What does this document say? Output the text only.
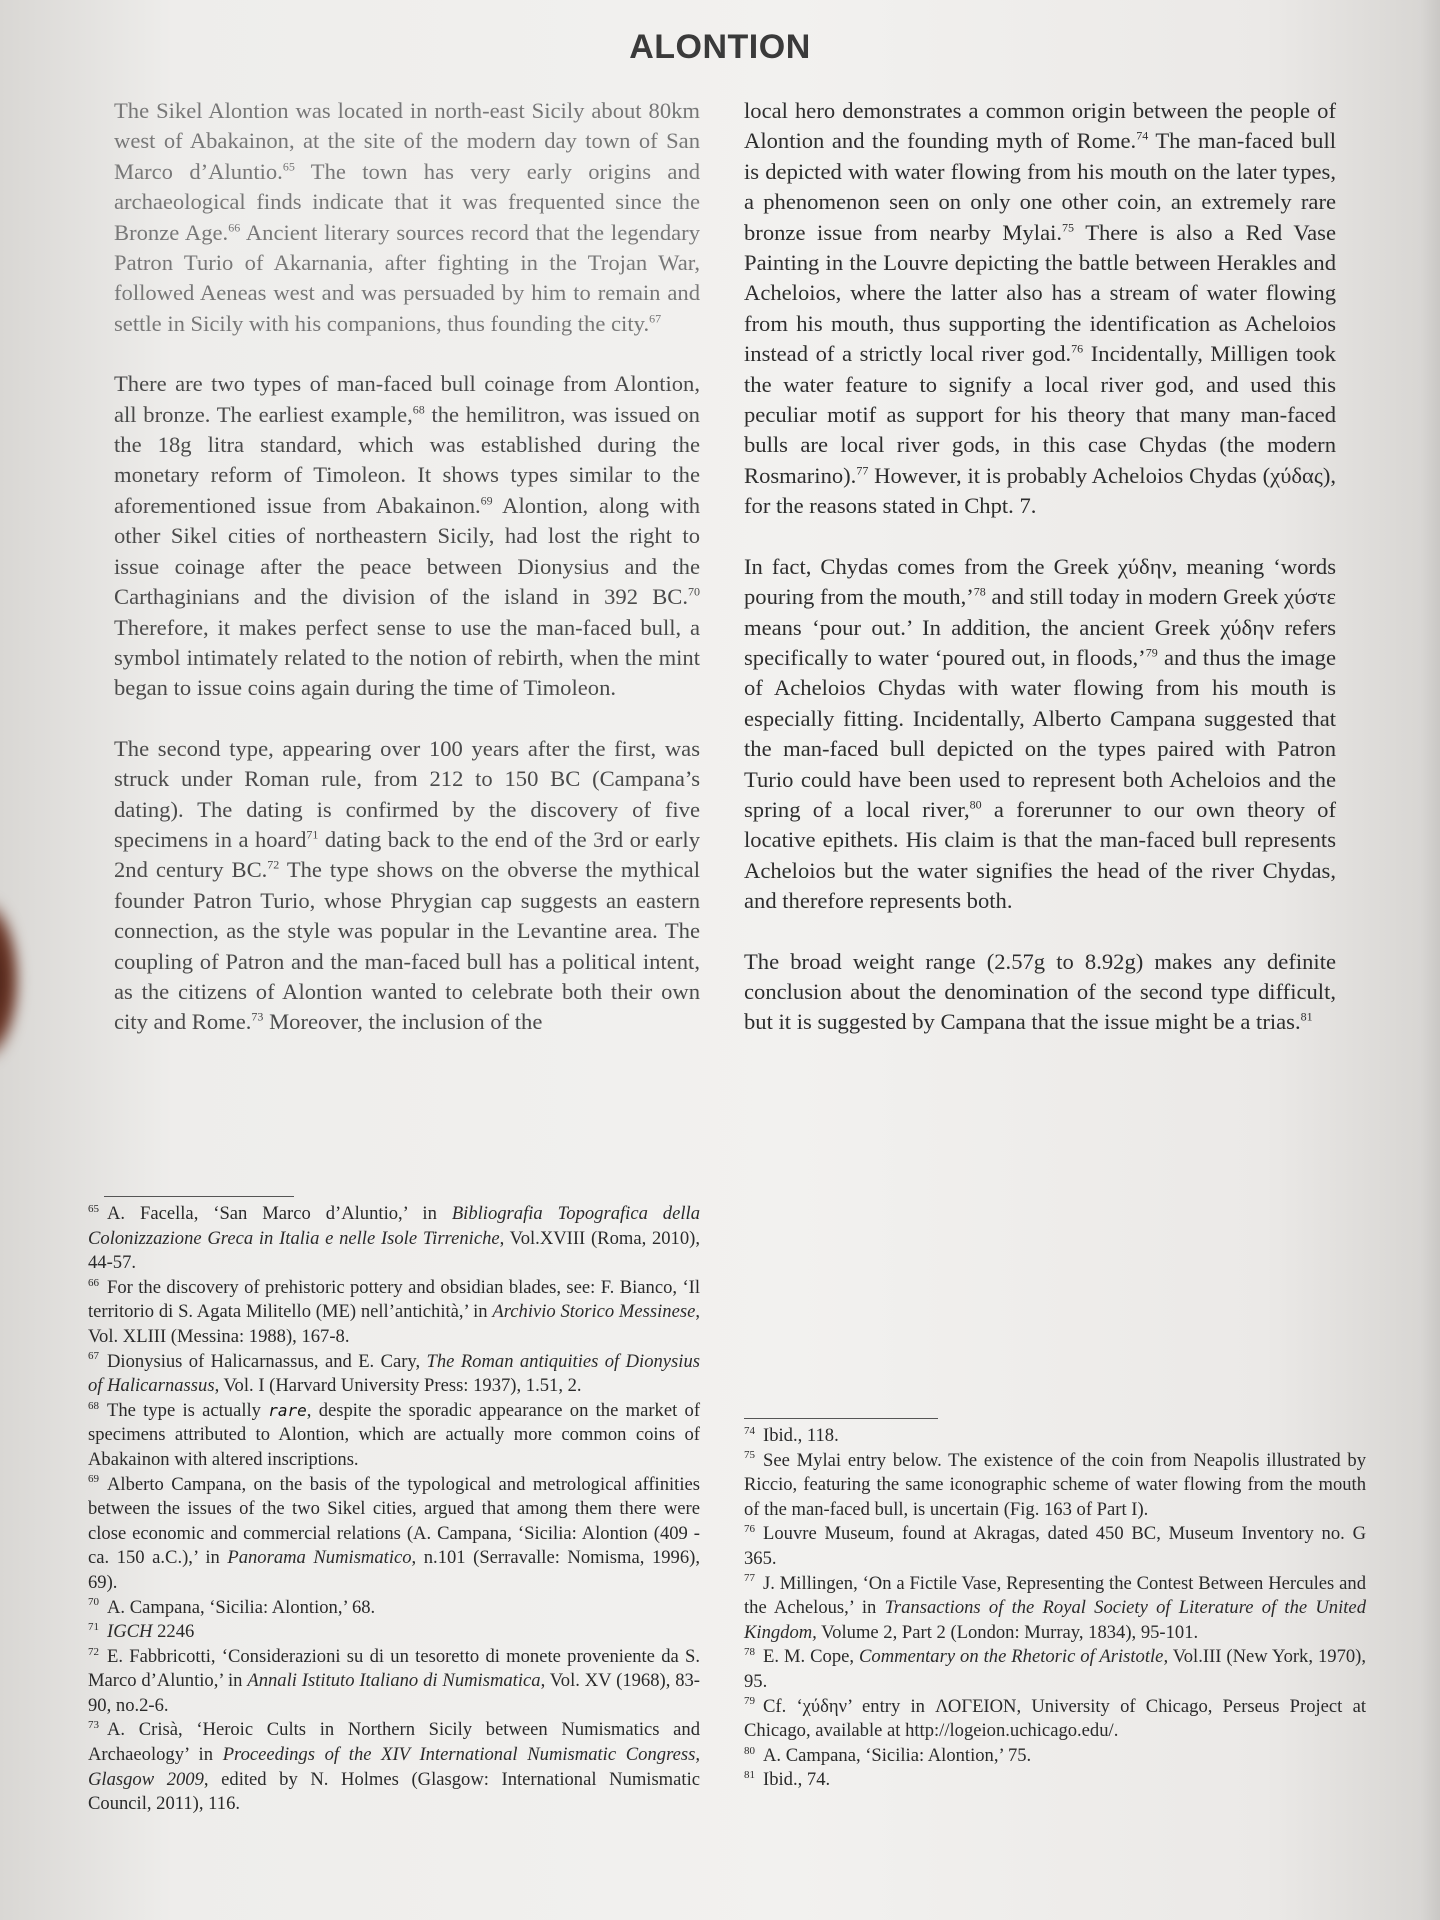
ALONTION

The Sikel Alontion was located in north-east Sicily about 80km west of Abakainon, at the site of the modern day town of San Marco d’Aluntio.$^{65}$ The town has very early origins and archaeological finds indicate that it was frequented since the Bronze Age.$^{66}$ Ancient literary sources record that the legendary Patron Turio of Akarnania, after fighting in the Trojan War, followed Aeneas west and was persuaded by him to remain and settle in Sicily with his companions, thus founding the city.$^{67}$

There are two types of man-faced bull coinage from Alontion, all bronze. The earliest example,$^{68}$ the hemilitron, was issued on the 18g litra standard, which was established during the monetary reform of Timoleon. It shows types similar to the aforementioned issue from Abakainon.$^{69}$ Alontion, along with other Sikel cities of northeastern Sicily, had lost the right to issue coinage after the peace between Dionysius and the Carthaginians and the division of the island in 392 BC.$^{70}$ Therefore, it makes perfect sense to use the man-faced bull, a symbol intimately related to the notion of rebirth, when the mint began to issue coins again during the time of Timoleon.

The second type, appearing over 100 years after the first, was struck under Roman rule, from 212 to 150 BC (Campana’s dating). The dating is confirmed by the discovery of five specimens in a hoard$^{71}$ dating back to the end of the 3rd or early 2nd century BC.$^{72}$ The type shows on the obverse the mythical founder Patron Turio, whose Phrygian cap suggests an eastern connection, as the style was popular in the Levantine area. The coupling of Patron and the man-faced bull has a political intent, as the citizens of Alontion wanted to celebrate both their own city and Rome.$^{73}$ Moreover, the inclusion of the

local hero demonstrates a common origin between the people of Alontion and the founding myth of Rome.$^{74}$ The man-faced bull is depicted with water flowing from his mouth on the later types, a phenomenon seen on only one other coin, an extremely rare bronze issue from nearby Mylai.$^{75}$ There is also a Red Vase Painting in the Louvre depicting the battle between Herakles and Acheloios, where the latter also has a stream of water flowing from his mouth, thus supporting the identification as Acheloios instead of a strictly local river god.$^{76}$ Incidentally, Milligen took the water feature to signify a local river god, and used this peculiar motif as support for his theory that many man-faced bulls are local river gods, in this case Chydas (the modern Rosmarino).$^{77}$ However, it is probably Acheloios Chydas (χύδας), for the reasons stated in Chpt. 7.

In fact, Chydas comes from the Greek χύδην, meaning ‘words pouring from the mouth,’$^{78}$ and still today in modern Greek χύστε means ‘pour out.’ In addition, the ancient Greek χύδην refers specifically to water ‘poured out, in floods,’$^{79}$ and thus the image of Acheloios Chydas with water flowing from his mouth is especially fitting. Incidentally, Alberto Campana suggested that the man-faced bull depicted on the types paired with Patron Turio could have been used to represent both Acheloios and the spring of a local river,$^{80}$ a forerunner to our own theory of locative epithets. His claim is that the man-faced bull represents Acheloios but the water signifies the head of the river Chydas, and therefore represents both.

The broad weight range (2.57g to 8.92g) makes any definite conclusion about the denomination of the second type difficult, but it is suggested by Campana that the issue might be a trias.$^{81}$

$^{65}$ A. Facella, ‘San Marco d’Aluntio,’ in Bibliografia Topografica della Colonizzazione Greca in Italia e nelle Isole Tirreniche, Vol.XVIII (Roma, 2010), 44-57.

$^{66}$ For the discovery of prehistoric pottery and obsidian blades, see: F. Bianco, ‘Il territorio di S. Agata Militello (ME) nell’antichità,’ in Archivio Storico Messinese, Vol. XLIII (Messina: 1988), 167-8.

$^{67}$ Dionysius of Halicarnassus, and E. Cary, The Roman antiquities of Dionysius of Halicarnassus, Vol. I (Harvard University Press: 1937), 1.51, 2.

$^{68}$ The type is actually rare, despite the sporadic appearance on the market of specimens attributed to Alontion, which are actually more common coins of Abakainon with altered inscriptions.

$^{69}$ Alberto Campana, on the basis of the typological and metrological affinities between the issues of the two Sikel cities, argued that among them there were close economic and commercial relations (A. Campana, ‘Sicilia: Alontion (409 - ca. 150 a.C.),’ in Panorama Numismatico, n.101 (Serravalle: Nomisma, 1996), 69).

$^{70}$ A. Campana, ‘Sicilia: Alontion,’ 68.

$^{71}$ IGCH 2246

$^{72}$ E. Fabbricotti, ‘Considerazioni su di un tesoretto di monete proveniente da S. Marco d’Aluntio,’ in Annali Istituto Italiano di Numismatica, Vol. XV (1968), 83-90, no.2-6.

$^{73}$ A. Crisà, ‘Heroic Cults in Northern Sicily between Numismatics and Archaeology’ in Proceedings of the XIV International Numismatic Congress, Glasgow 2009, edited by N. Holmes (Glasgow: International Numismatic Council, 2011), 116.

$^{74}$ Ibid., 118.

$^{75}$ See Mylai entry below. The existence of the coin from Neapolis illustrated by Riccio, featuring the same iconographic scheme of water flowing from the mouth of the man-faced bull, is uncertain (Fig. 163 of Part I).

$^{76}$ Louvre Museum, found at Akragas, dated 450 BC, Museum Inventory no. G 365.

$^{77}$ J. Millingen, ‘On a Fictile Vase, Representing the Contest Between Hercules and the Achelous,’ in Transactions of the Royal Society of Literature of the United Kingdom, Volume 2, Part 2 (London: Murray, 1834), 95-101.

$^{78}$ E. M. Cope, Commentary on the Rhetoric of Aristotle, Vol.III (New York, 1970), 95.

$^{79}$ Cf. ‘χύδην’ entry in ΛΟΓΕΙΟΝ, University of Chicago, Perseus Project at Chicago, available at http://logeion.uchicago.edu/.

$^{80}$ A. Campana, ‘Sicilia: Alontion,’ 75.

$^{81}$ Ibid., 74.
